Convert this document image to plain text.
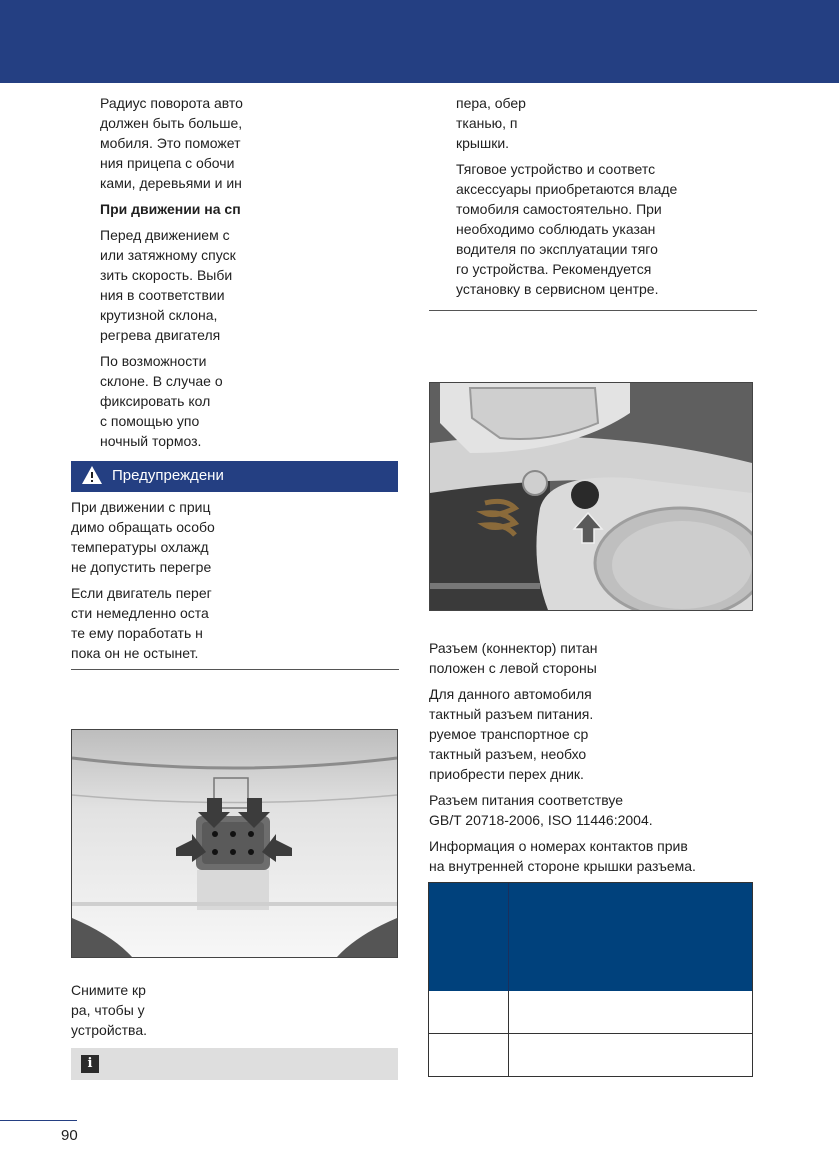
Радиус поворота авто
должен быть больше,
мобиля. Это поможет
ния прицепа с обочи
ками, деревьями и ин

При движении на сп

Перед движением с
или затяжному спуск
зить скорость. Выби
ния в соответствии
крутизной склона,
регрева двигателя

По возможности
склоне. В случае о
фиксировать кол
с помощью упо
ночный тормоз.

Предупреждени

При движении с приц
димо обращать особо
температуры охлажд
не допустить перегре

Если двигатель перег
сти немедленно оста
те ему поработать н
пока он не остынет.

Снимите кр
ра, чтобы у
устройства.

i

пера, обер
тканью, п
крышки.

Тяговое устройство и соответс
аксессуары приобретаются владе
томобиля самостоятельно. При
необходимо соблюдать указан
водителя по эксплуатации тяго
го устройства. Рекомендуется
установку в сервисном центре.

Разъем (коннектор) питан
положен с левой стороны

Для данного автомобиля
тактный разъем питания.
руемое транспортное ср
тактный разъем, необхо
приобрести перех дник.

Разъем питания соответствуе
GB/T 20718-2006, ISO 11446:2004.

Информация о номерах контактов прив
на внутренней стороне крышки разъема.

90
